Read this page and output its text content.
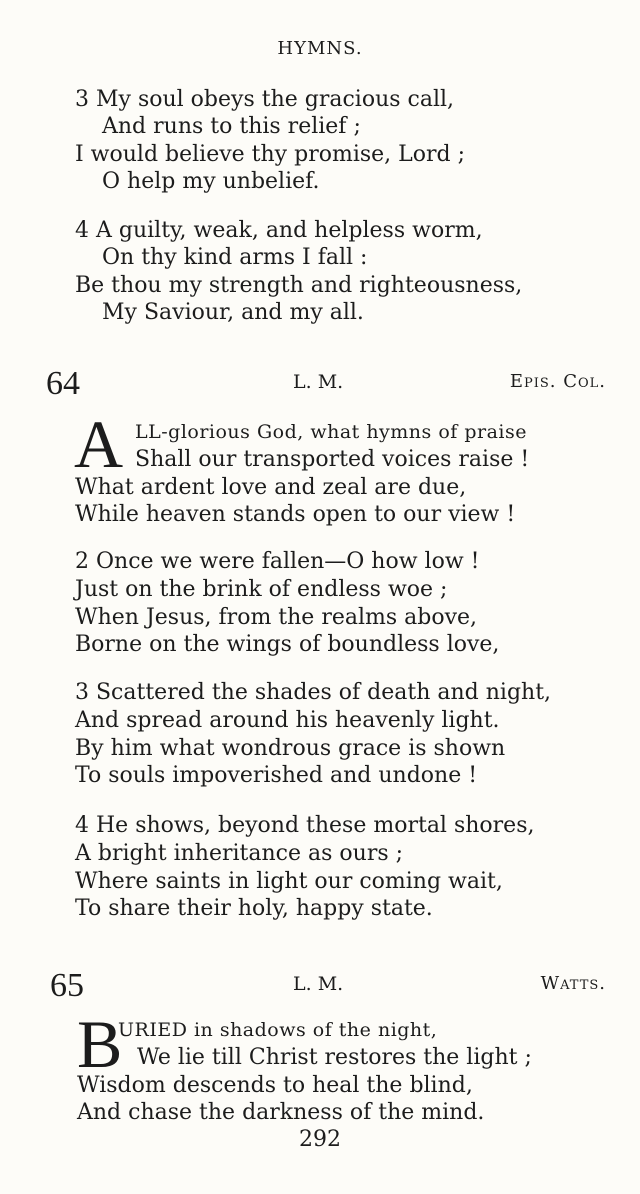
HYMNS.
3 My soul obeys the gracious call,
And runs to this relief ;
I would believe thy promise, Lord ;
O help my unbelief.
4 A guilty, weak, and helpless worm,
On thy kind arms I fall :
Be thou my strength and righteousness,
My Saviour, and my all.
64	L. M.	Epis. Col.
A LL-glorious God, what hymns of praise
Shall our transported voices raise !
What ardent love and zeal are due,
While heaven stands open to our view !
2 Once we were fallen—O how low !
Just on the brink of endless woe ;
When Jesus, from the realms above,
Borne on the wings of boundless love,
3 Scattered the shades of death and night,
And spread around his heavenly light.
By him what wondrous grace is shown
To souls impoverished and undone !
4 He shows, beyond these mortal shores,
A bright inheritance as ours ;
Where saints in light our coming wait,
To share their holy, happy state.
65	L. M.	Watts.
B
URIED in shadows of the night,
We lie till Christ restores the light ;
Wisdom descends to heal the blind,
And chase the darkness of the mind.
292
